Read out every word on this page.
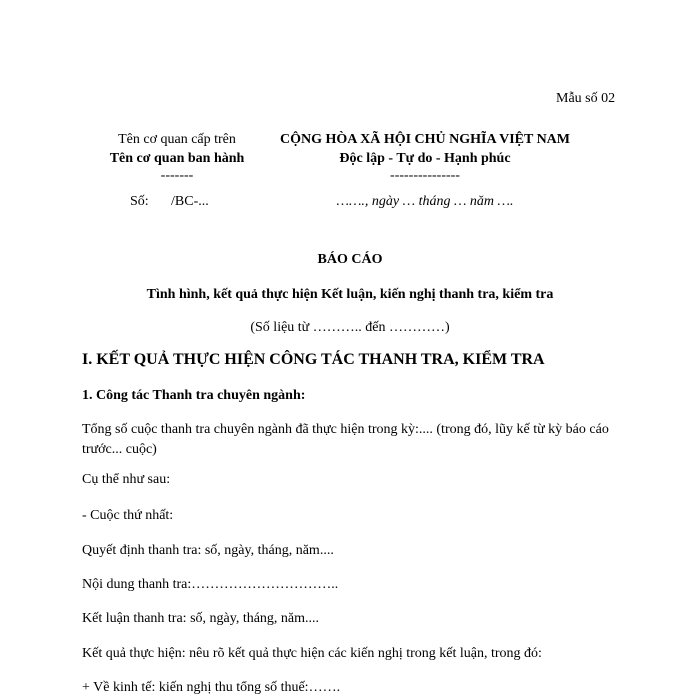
Mẫu số 02
Tên cơ quan cấp trên
Tên cơ quan ban hành
-------
Số: /BC-...
CỘNG HÒA XÃ HỘI CHỦ NGHĨA VIỆT NAM
Độc lập - Tự do - Hạnh phúc
---------------
……., ngày … tháng … năm ….
BÁO CÁO
Tình hình, kết quả thực hiện Kết luận, kiến nghị thanh tra, kiểm tra
(Số liệu từ ……….. đến …………)
I. KẾT QUẢ THỰC HIỆN CÔNG TÁC THANH TRA, KIỂM TRA
1. Công tác Thanh tra chuyên ngành:
Tổng số cuộc thanh tra chuyên ngành đã thực hiện trong kỳ:.... (trong đó, lũy kế từ kỳ báo cáo trước... cuộc)
Cụ thể như sau:
- Cuộc thứ nhất:
Quyết định thanh tra: số, ngày, tháng, năm....
Nội dung thanh tra:…………………………..
Kết luận thanh tra: số, ngày, tháng, năm....
Kết quả thực hiện: nêu rõ kết quả thực hiện các kiến nghị trong kết luận, trong đó:
+ Về kinh tế: kiến nghị thu tổng số thuế:…….
